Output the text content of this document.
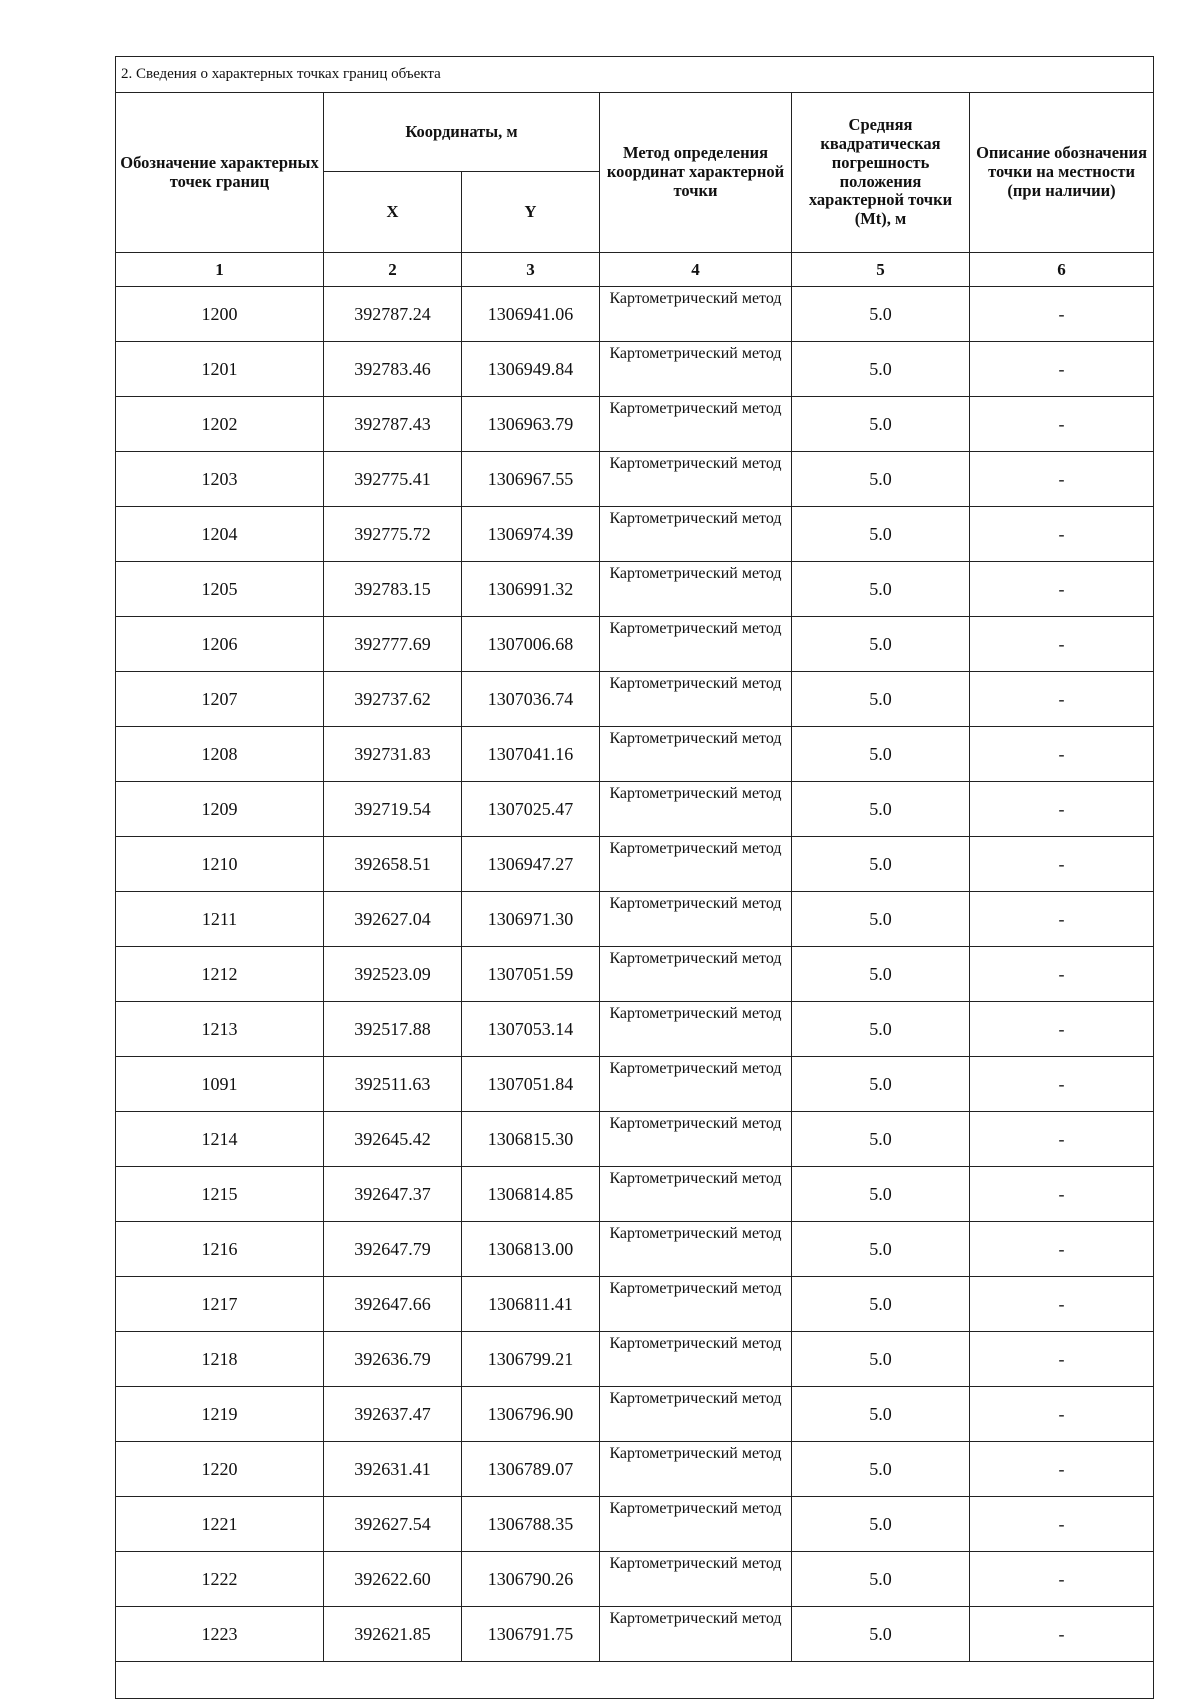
2. Сведения о характерных точках границ объекта					
Обозначение характерных точек границ	Координаты, м		Метод определения координат характерной точки	Средняя квадратическая погрешность положения характерной точки (Mt), м	Описание обозначения точки на местности (при наличии)
	X	Y			
1	2	3	4	5	6
1200	392787.24	1306941.06	Картометрический метод	5.0	-
1201	392783.46	1306949.84	Картометрический метод	5.0	-
1202	392787.43	1306963.79	Картометрический метод	5.0	-
1203	392775.41	1306967.55	Картометрический метод	5.0	-
1204	392775.72	1306974.39	Картометрический метод	5.0	-
1205	392783.15	1306991.32	Картометрический метод	5.0	-
1206	392777.69	1307006.68	Картометрический метод	5.0	-
1207	392737.62	1307036.74	Картометрический метод	5.0	-
1208	392731.83	1307041.16	Картометрический метод	5.0	-
1209	392719.54	1307025.47	Картометрический метод	5.0	-
1210	392658.51	1306947.27	Картометрический метод	5.0	-
1211	392627.04	1306971.30	Картометрический метод	5.0	-
1212	392523.09	1307051.59	Картометрический метод	5.0	-
1213	392517.88	1307053.14	Картометрический метод	5.0	-
1091	392511.63	1307051.84	Картометрический метод	5.0	-
1214	392645.42	1306815.30	Картометрический метод	5.0	-
1215	392647.37	1306814.85	Картометрический метод	5.0	-
1216	392647.79	1306813.00	Картометрический метод	5.0	-
1217	392647.66	1306811.41	Картометрический метод	5.0	-
1218	392636.79	1306799.21	Картометрический метод	5.0	-
1219	392637.47	1306796.90	Картометрический метод	5.0	-
1220	392631.41	1306789.07	Картометрический метод	5.0	-
1221	392627.54	1306788.35	Картометрический метод	5.0	-
1222	392622.60	1306790.26	Картометрический метод	5.0	-
1223	392621.85	1306791.75	Картометрический метод	5.0	-
